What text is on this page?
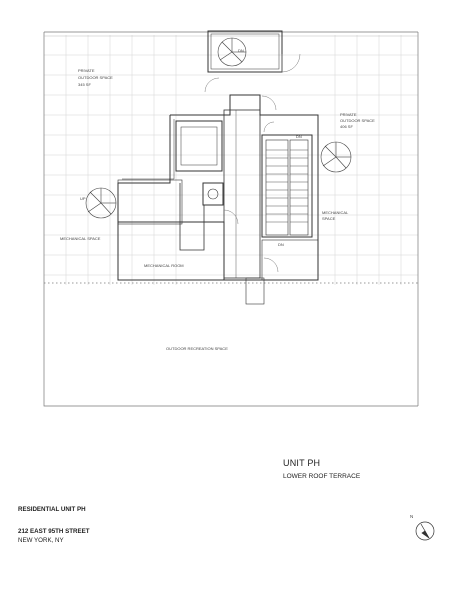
PRIVATE
OUTDOOR SPACE
345 SF
PRIVATE
OUTDOOR SPACE
406 SF
MECHANICAL SPACE
MECHANICAL ROOM
MECHANICAL
SPACE
OUTDOOR RECREATION SPACE
DN
DN
DN
UP
N
UNIT PH
LOWER ROOF TERRACE
RESIDENTIAL UNIT PH
212 EAST 95TH STREET
NEW YORK, NY
